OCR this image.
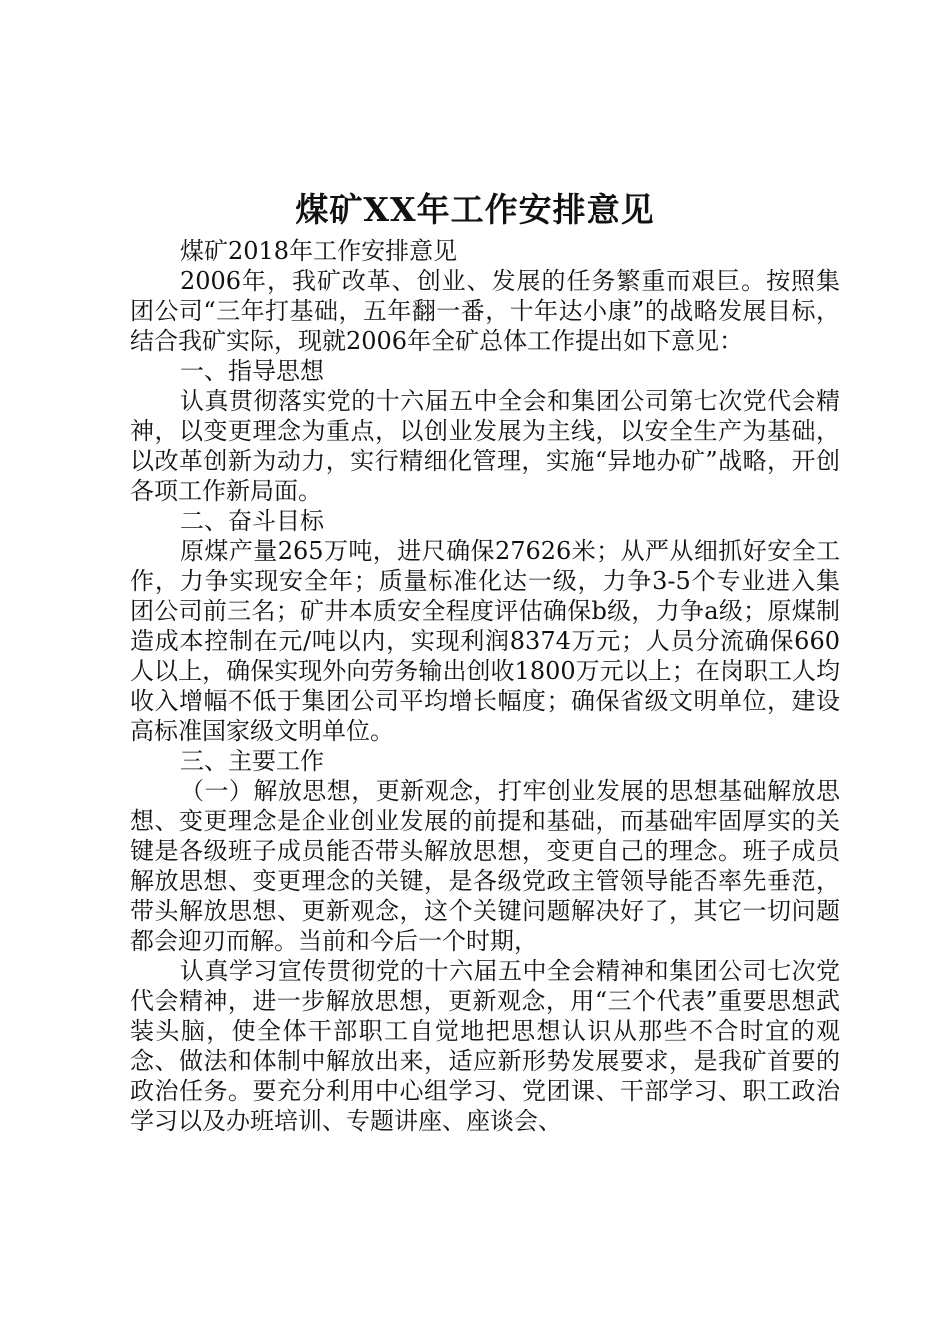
煤矿XX年工作安排意见

煤矿2018年工作安排意见

2006年，我矿改革、创业、发展的任务繁重而艰巨。按照集团公司“三年打基础，五年翻一番，十年达小康”的战略发展目标，结合我矿实际，现就2006年全矿总体工作提出如下意见：

一、指导思想

认真贯彻落实党的十六届五中全会和集团公司第七次党代会精神，以变更理念为重点，以创业发展为主线，以安全生产为基础，以改革创新为动力，实行精细化管理，实施“异地办矿”战略，开创各项工作新局面。

二、奋斗目标

原煤产量265万吨，进尺确保27626米；从严从细抓好安全工作，力争实现安全年；质量标准化达一级，力争3-5个专业进入集团公司前三名；矿井本质安全程度评估确保b级，力争a级；原煤制造成本控制在元/吨以内，实现利润8374万元；人员分流确保660人以上，确保实现外向劳务输出创收1800万元以上；在岗职工人均收入增幅不低于集团公司平均增长幅度；确保省级文明单位，建设高标准国家级文明单位。

三、主要工作

（一）解放思想，更新观念，打牢创业发展的思想基础解放思想、变更理念是企业创业发展的前提和基础，而基础牢固厚实的关键是各级班子成员能否带头解放思想，变更自己的理念。班子成员解放思想、变更理念的关键，是各级党政主管领导能否率先垂范，带头解放思想、更新观念，这个关键问题解决好了，其它一切问题都会迎刃而解。当前和今后一个时期，

认真学习宣传贯彻党的十六届五中全会精神和集团公司七次党代会精神，进一步解放思想，更新观念，用“三个代表”重要思想武装头脑，使全体干部职工自觉地把思想认识从那些不合时宜的观念、做法和体制中解放出来，适应新形势发展要求，是我矿首要的政治任务。要充分利用中心组学习、党团课、干部学习、职工政治学习以及办班培训、专题讲座、座谈会、
